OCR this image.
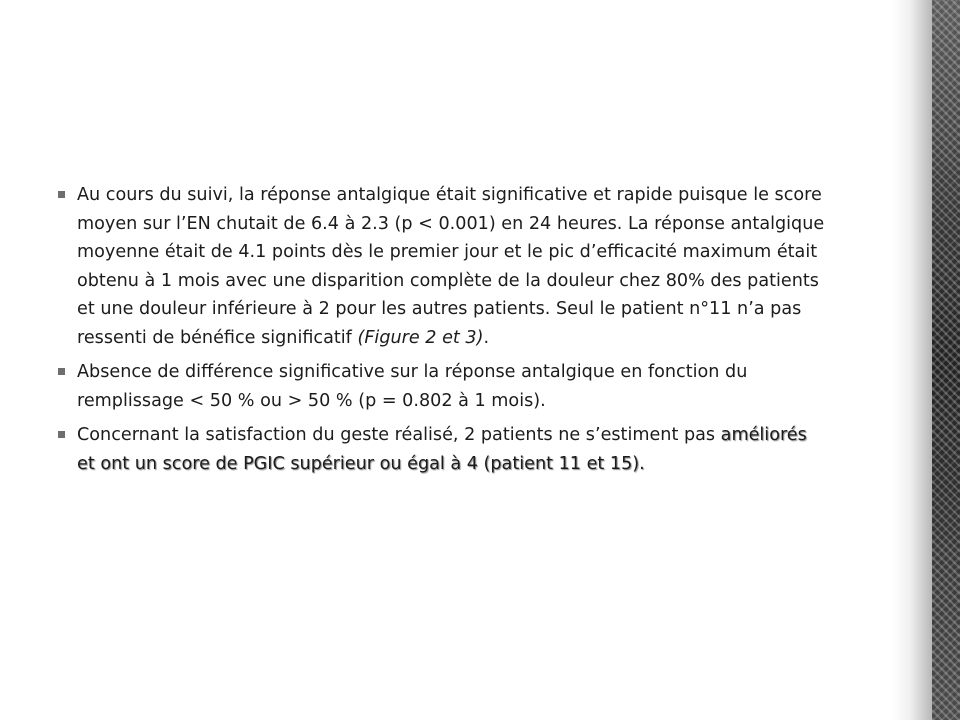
Au cours du suivi, la réponse antalgique était significative et rapide puisque le score moyen sur l’EN chutait de 6.4 à 2.3 (p < 0.001) en 24 heures. La réponse antalgique moyenne était de 4.1 points dès le premier jour et le pic d’efficacité maximum était obtenu à 1 mois avec une disparition complète de la douleur chez 80% des patients et une douleur inférieure à 2 pour les autres patients. Seul le patient n°11 n’a pas ressenti de bénéfice significatif (Figure 2 et 3).
Absence de différence significative sur la réponse antalgique en fonction du remplissage < 50 % ou > 50 % (p = 0.802 à 1 mois).
Concernant la satisfaction du geste réalisé, 2 patients ne s’estiment pas améliorés et ont un score de PGIC supérieur ou égal à 4 (patient 11 et 15).
